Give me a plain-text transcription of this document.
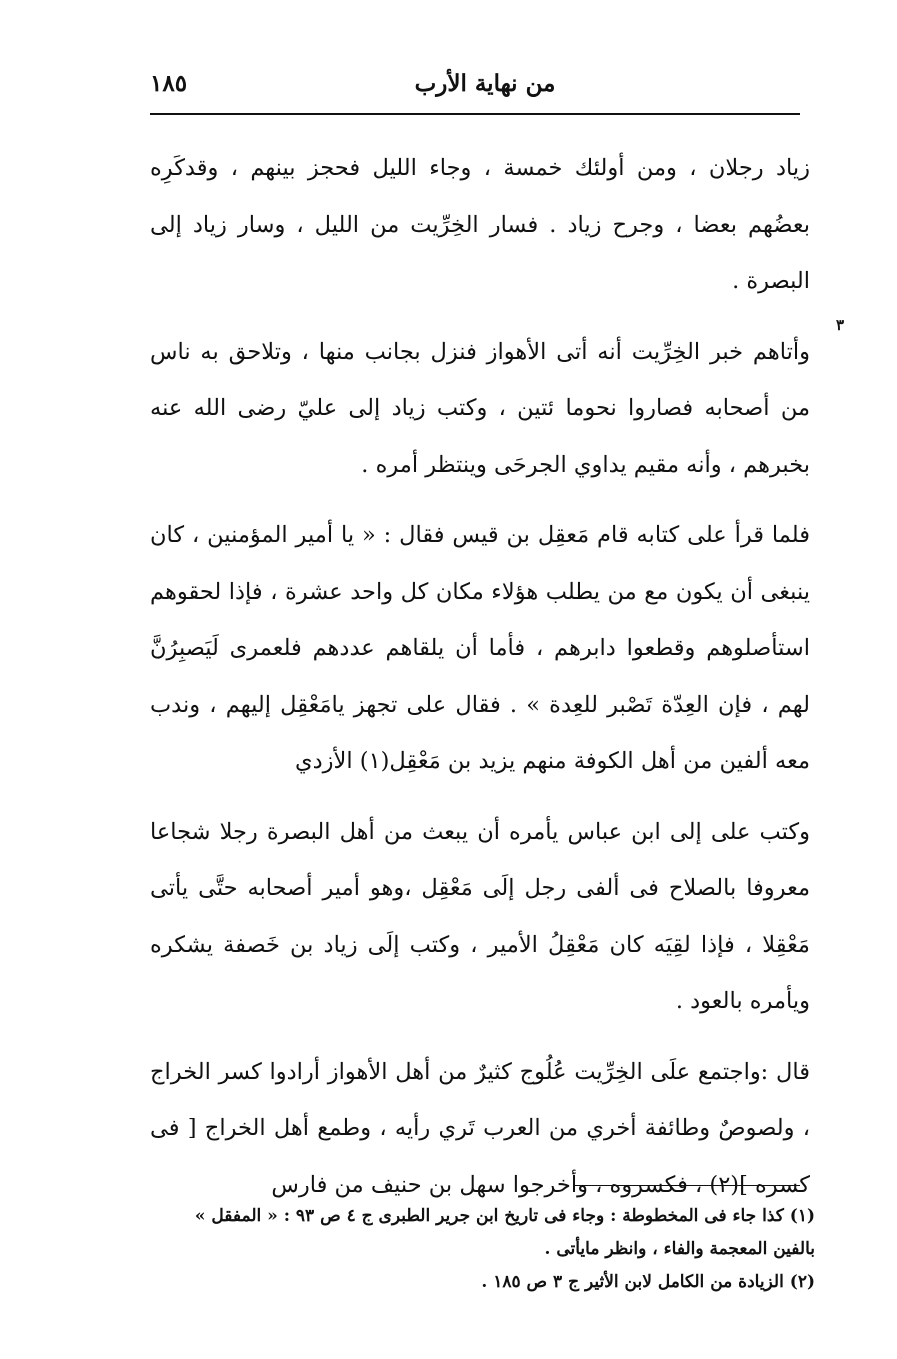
١٨٥	من نهاية الأرب
٣

زياد رجلان ، ومن أولئك خمسة ، وجاء الليل فحجز بينهم ، وقدكَرِه بعضُهم بعضا ، وجرح زياد . فسار الخِرِّيت من الليل ، وسار زياد إلى البصرة .

وأتاهم خبر الخِرِّيت أنه أتى الأهواز فنزل بجانب منها ، وتلاحق به ناس من أصحابه فصاروا نحوما ئتين ، وكتب زياد إلى عليّ رضى الله عنه بخبرهم ، وأنه مقيم يداوي الجرحَى وينتظر أمره .

فلما قرأ على كتابه قام مَعقِل بن قيس فقال : « يا أمير المؤمنين ، كان ينبغى أن يكون مع من يطلب هؤلاء مكان كل واحد عشرة ، فإذا لحقوهم استأصلوهم وقطعوا دابرهم ، فأما أن يلقاهم عددهم فلعمرى لَيَصبِرُنَّ لهم ، فإن العِدّة تَصْبر للعِدة » . فقال على تجهز يامَعْقِل إليهم ، وندب معه ألفين من أهل الكوفة منهم يزيد بن مَعْقِل(١) الأزدي

وكتب على إلى ابن عباس يأمره أن يبعث من أهل البصرة رجلا شجاعا معروفا بالصلاح فى ألفى رجل إلَى مَعْقِل ،وهو أمير أصحابه حتَّى يأتى مَعْقِلا ، فإذا لقِيَه كان مَعْقِلُ الأمير ، وكتب إلَى زياد بن خَصفة يشكره ويأمره بالعود .

قال :واجتمع علَى الخِرِّيت عُلُوج كثيرٌ من أهل الأهواز أرادوا كسر الخراج ، ولصوصٌ وطائفة أخري من العرب تَري رأيه ، وطمع أهل الخراج [ فى كسره ](٢) ، فكسروه ، وأخرجوا سهل بن حنيف من فارس

(١) كذا جاء فى المخطوطة : وجاء فى تاريخ ابن جرير الطبرى ج ٤ ص ٩٣ : « المفقل » بالفين المعجمة والفاء ، وانظر مايأتى .

(٢) الزيادة من الكامل لابن الأثير ج ٣ ص ١٨٥ .
